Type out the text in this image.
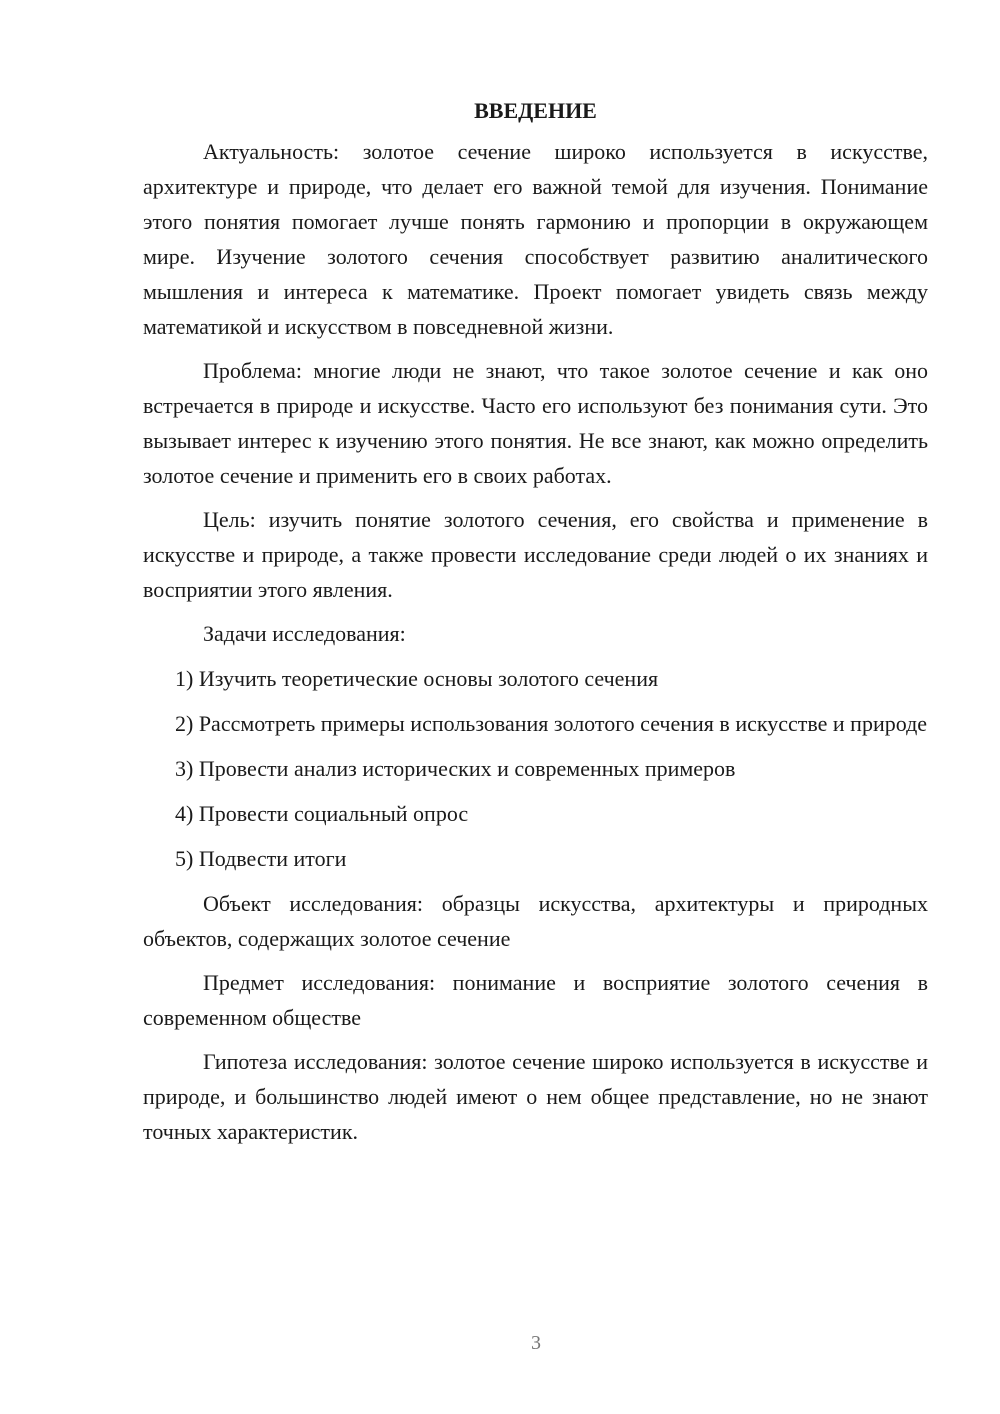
ВВЕДЕНИЕ

Актуальность: золотое сечение широко используется в искусстве, архитектуре и природе, что делает его важной темой для изучения. Понимание этого понятия помогает лучше понять гармонию и пропорции в окружающем мире. Изучение золотого сечения способствует развитию аналитического мышления и интереса к математике. Проект помогает увидеть связь между математикой и искусством в повседневной жизни.

Проблема: многие люди не знают, что такое золотое сечение и как оно встречается в природе и искусстве. Часто его используют без понимания сути. Это вызывает интерес к изучению этого понятия. Не все знают, как можно определить золотое сечение и применить его в своих работах.

Цель: изучить понятие золотого сечения, его свойства и применение в искусстве и природе, а также провести исследование среди людей о их знаниях и восприятии этого явления.

Задачи исследования:

1) Изучить теоретические основы золотого сечения

2) Рассмотреть примеры использования золотого сечения в искусстве и природе

3) Провести анализ исторических и современных примеров

4) Провести социальный опрос

5) Подвести итоги

Объект исследования: образцы искусства, архитектуры и природных объектов, содержащих золотое сечение

Предмет исследования: понимание и восприятие золотого сечения в современном обществе

Гипотеза исследования: золотое сечение широко используется в искусстве и природе, и большинство людей имеют о нем общее представление, но не знают точных характеристик.

3
